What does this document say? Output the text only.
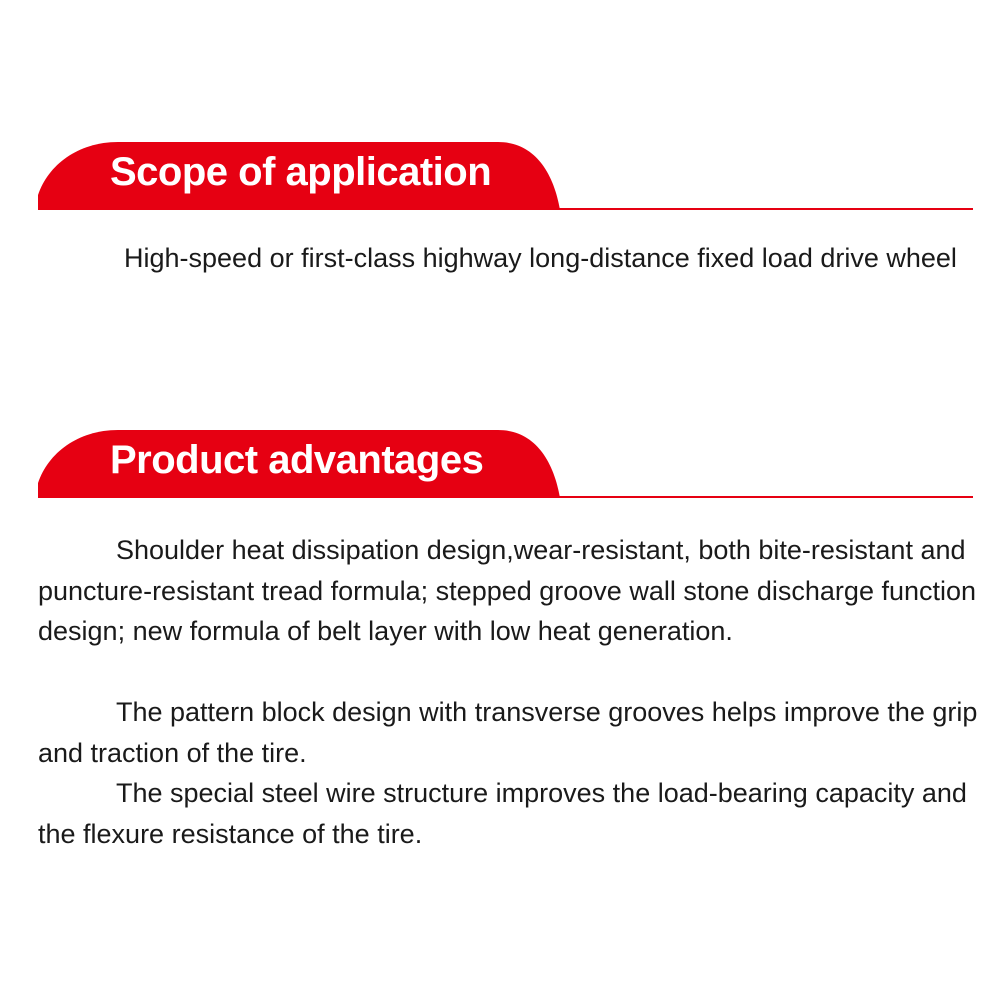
Scope of application

High-speed or first-class highway long-distance fixed load drive wheel

Product advantages

Shoulder heat dissipation design,wear-resistant, both bite-resistant and puncture-resistant tread formula; stepped groove wall stone discharge function design; new formula of belt layer with low heat generation.

The pattern block design with transverse grooves helps improve the grip and traction of the tire.

The special steel wire structure improves the load-bearing capacity and the flexure resistance of the tire.
